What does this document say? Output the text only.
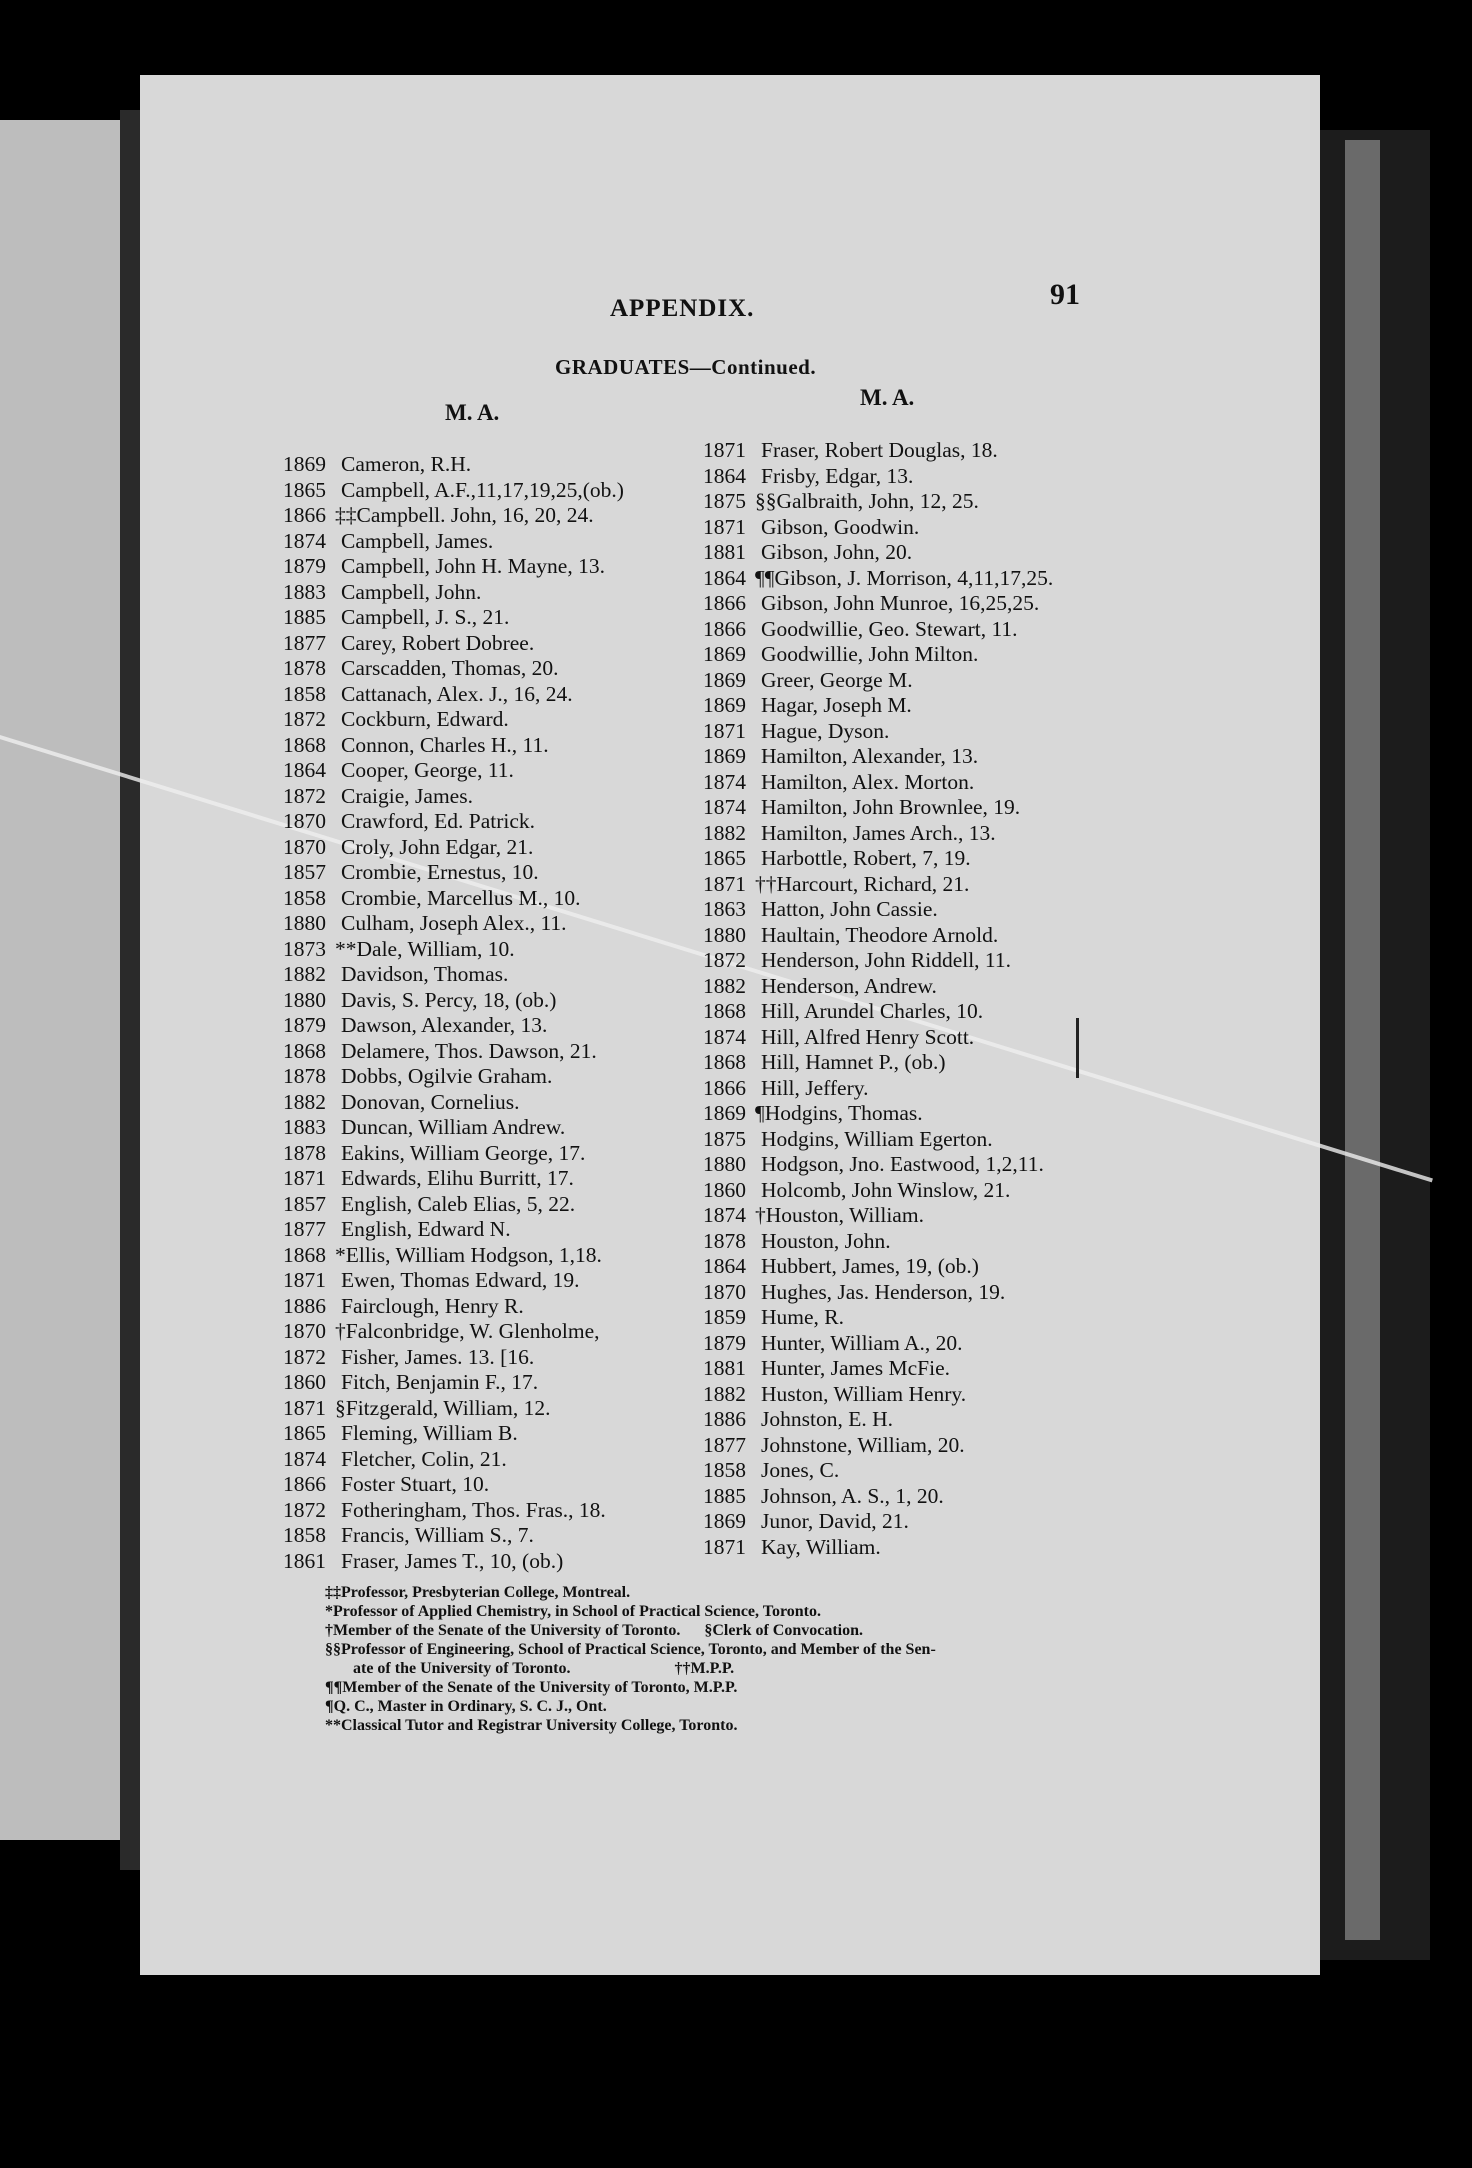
APPENDIX.	91
GRADUATES—Continued.
M. A.
M. A.
1869 Cameron, R.H.
1865 Campbell, A.F.,11,17,19,25,(ob.)
1866 ‡‡Campbell. John, 16, 20, 24.
1874 Campbell, James.
1879 Campbell, John H. Mayne, 13.
1883 Campbell, John.
1885 Campbell, J. S., 21.
1877 Carey, Robert Dobree.
1878 Carscadden, Thomas, 20.
1858 Cattanach, Alex. J., 16, 24.
1872 Cockburn, Edward.
1868 Connon, Charles H., 11.
1864 Cooper, George, 11.
1872 Craigie, James.
1870 Crawford, Ed. Patrick.
1870 Croly, John Edgar, 21.
1857 Crombie, Ernestus, 10.
1858 Crombie, Marcellus M., 10.
1880 Culham, Joseph Alex., 11.
1873 **Dale, William, 10.
1882 Davidson, Thomas.
1880 Davis, S. Percy, 18, (ob.)
1879 Dawson, Alexander, 13.
1868 Delamere, Thos. Dawson, 21.
1878 Dobbs, Ogilvie Graham.
1882 Donovan, Cornelius.
1883 Duncan, William Andrew.
1878 Eakins, William George, 17.
1871 Edwards, Elihu Burritt, 17.
1857 English, Caleb Elias, 5, 22.
1877 English, Edward N.
1868 *Ellis, William Hodgson, 1,18.
1871 Ewen, Thomas Edward, 19.
1886 Fairclough, Henry R.
1870 †Falconbridge, W. Glenholme,
1872 Fisher, James. 13. [16.
1860 Fitch, Benjamin F., 17.
1871 §Fitzgerald, William, 12.
1865 Fleming, William B.
1874 Fletcher, Colin, 21.
1866 Foster Stuart, 10.
1872 Fotheringham, Thos. Fras., 18.
1858 Francis, William S., 7.
1861 Fraser, James T., 10, (ob.)
1871 Fraser, Robert Douglas, 18.
1864 Frisby, Edgar, 13.
1875 §§Galbraith, John, 12, 25.
1871 Gibson, Goodwin.
1881 Gibson, John, 20.
1864 ¶¶Gibson, J. Morrison, 4,11,17,25.
1866 Gibson, John Munroe, 16,25,25.
1866 Goodwillie, Geo. Stewart, 11.
1869 Goodwillie, John Milton.
1869 Greer, George M.
1869 Hagar, Joseph M.
1871 Hague, Dyson.
1869 Hamilton, Alexander, 13.
1874 Hamilton, Alex. Morton.
1874 Hamilton, John Brownlee, 19.
1882 Hamilton, James Arch., 13.
1865 Harbottle, Robert, 7, 19.
1871 ††Harcourt, Richard, 21.
1863 Hatton, John Cassie.
1880 Haultain, Theodore Arnold.
1872 Henderson, John Riddell, 11.
1882 Henderson, Andrew.
1868 Hill, Arundel Charles, 10.
1874 Hill, Alfred Henry Scott.
1868 Hill, Hamnet P., (ob.)
1866 Hill, Jeffery.
1869 ¶Hodgins, Thomas.
1875 Hodgins, William Egerton.
1880 Hodgson, Jno. Eastwood, 1,2,11.
1860 Holcomb, John Winslow, 21.
1874 †Houston, William.
1878 Houston, John.
1864 Hubbert, James, 19, (ob.)
1870 Hughes, Jas. Henderson, 19.
1859 Hume, R.
1879 Hunter, William A., 20.
1881 Hunter, James McFie.
1882 Huston, William Henry.
1886 Johnston, E. H.
1877 Johnstone, William, 20.
1858 Jones, C.
1885 Johnson, A. S., 1, 20.
1869 Junor, David, 21.
1871 Kay, William.
‡‡Professor, Presbyterian College, Montreal.
*Professor of Applied Chemistry, in School of Practical Science, Toronto.
†Member of the Senate of the University of Toronto.      §Clerk of Convocation.
§§Professor of Engineering, School of Practical Science, Toronto, and Member of the Sen-
ate of the University of Toronto.                          ††M.P.P.
¶¶Member of the Senate of the University of Toronto, M.P.P.
¶Q. C., Master in Ordinary, S. C. J., Ont.
**Classical Tutor and Registrar University College, Toronto.
